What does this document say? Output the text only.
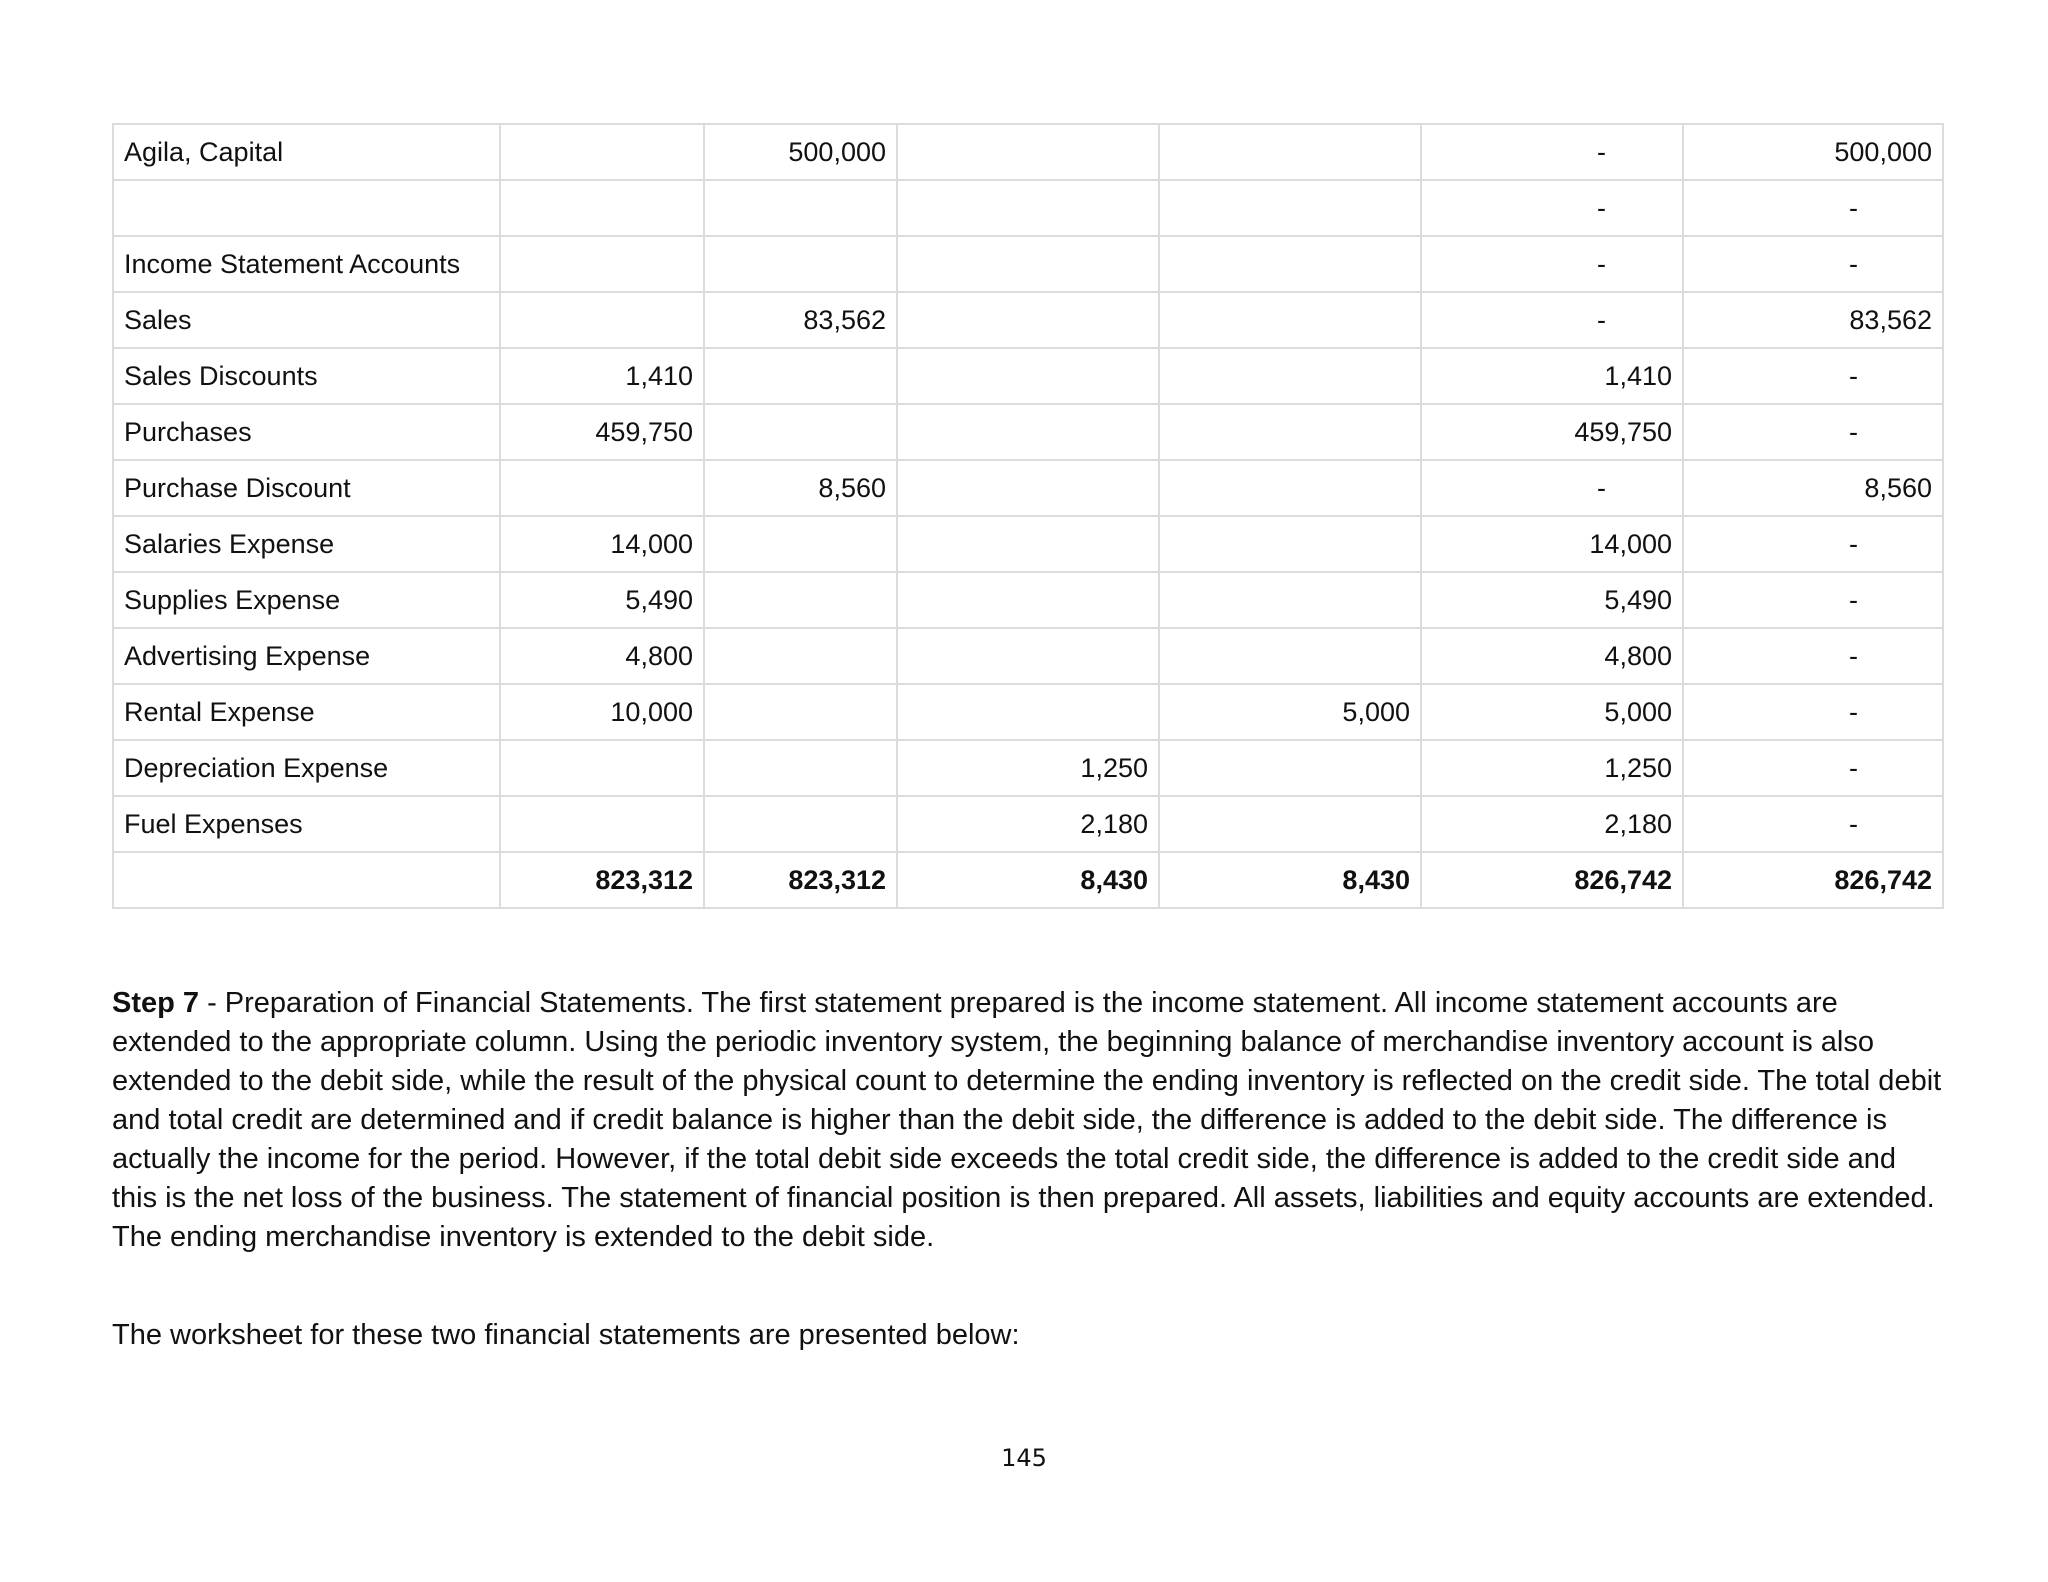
Agila, Capital		500,000			-	500,000
					-	-
Income Statement Accounts					-	-
Sales		83,562			-	83,562
Sales Discounts	1,410				1,410	-
Purchases	459,750				459,750	-
Purchase Discount		8,560			-	8,560
Salaries Expense	14,000				14,000	-
Supplies Expense	5,490				5,490	-
Advertising Expense	4,800				4,800	-
Rental Expense	10,000			5,000	5,000	-
Depreciation Expense			1,250		1,250	-
Fuel Expenses			2,180		2,180	-
	823,312	823,312	8,430	8,430	826,742	826,742

Step 7 - Preparation of Financial Statements. The first statement prepared is the income statement. All income statement accounts are extended to the appropriate column. Using the periodic inventory system, the beginning balance of merchandise inventory account is also extended to the debit side, while the result of the physical count to determine the ending inventory is reflected on the credit side. The total debit and total credit are determined and if credit balance is higher than the debit side, the difference is added to the debit side. The difference is actually the income for the period. However, if the total debit side exceeds the total credit side, the difference is added to the credit side and this is the net loss of the business. The statement of financial position is then prepared. All assets, liabilities and equity accounts are extended. The ending merchandise inventory is extended to the debit side.

The worksheet for these two financial statements are presented below:

145
